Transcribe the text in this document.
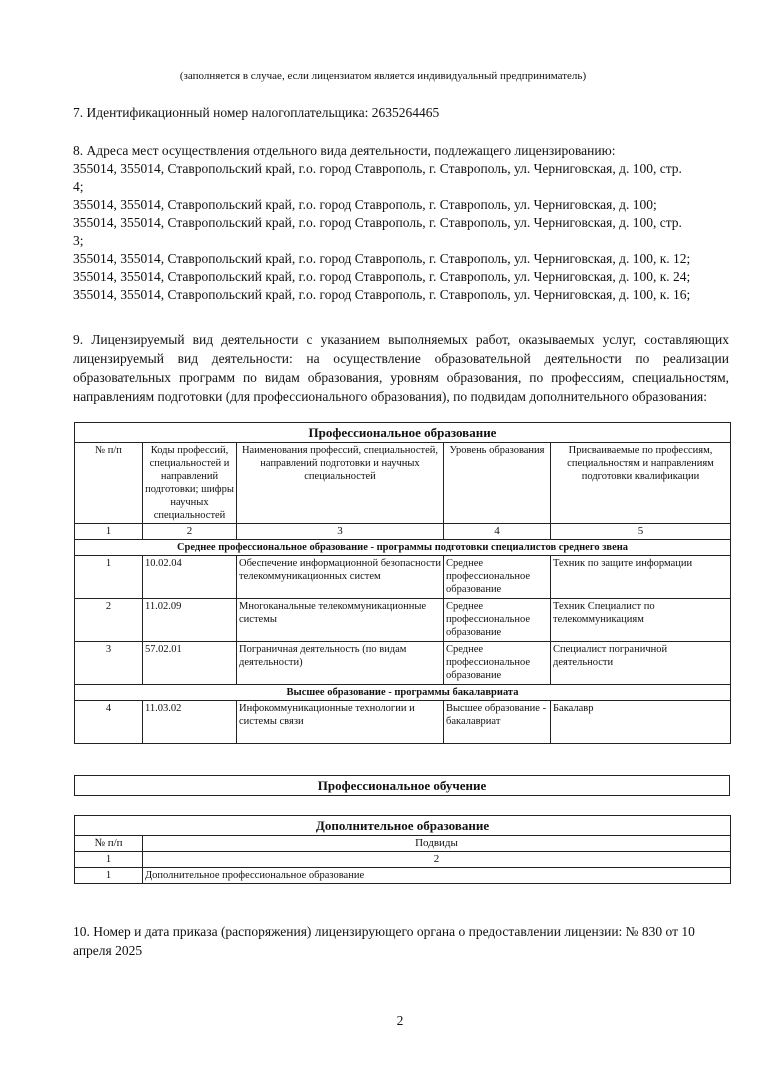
(заполняется в случае, если лицензиатом является индивидуальный предприниматель)
7. Идентификационный номер налогоплательщика: 2635264465
8. Адреса мест осуществления отдельного вида деятельности, подлежащего лицензированию:
355014, 355014, Ставропольский край, г.о. город Ставрополь, г. Ставрополь, ул. Черниговская, д. 100, стр.
4;
355014, 355014, Ставропольский край, г.о. город Ставрополь, г. Ставрополь, ул. Черниговская, д. 100;
355014, 355014, Ставропольский край, г.о. город Ставрополь, г. Ставрополь, ул. Черниговская, д. 100, стр.
3;
355014, 355014, Ставропольский край, г.о. город Ставрополь, г. Ставрополь, ул. Черниговская, д. 100, к. 12;
355014, 355014, Ставропольский край, г.о. город Ставрополь, г. Ставрополь, ул. Черниговская, д. 100, к. 24;
355014, 355014, Ставропольский край, г.о. город Ставрополь, г. Ставрополь, ул. Черниговская, д. 100, к. 16;
9. Лицензируемый вид деятельности с указанием выполняемых работ, оказываемых услуг, составляющих лицензируемый вид деятельности: на осуществление образовательной деятельности по реализации образовательных программ по видам образования, уровням образования, по профессиям, специальностям, направлениям подготовки (для профессионального образования), по подвидам дополнительного образования:
Профессиональное образование				
№ п/п	Коды профессий, специальностей и направлений подготовки; шифры научных специальностей	Наименования профессий, специальностей, направлений подготовки и научных специальностей	Уровень образования	Присваиваемые по профессиям, специальностям и направлениям подготовки квалификации
1	2	3	4	5
Среднее профессиональное образование - программы подготовки специалистов среднего звена				
1	10.02.04	Обеспечение информационной безопасности телекоммуникационных систем	Среднее профессиональное образование	Техник по защите информации
2	11.02.09	Многоканальные телекоммуникационные системы	Среднее профессиональное образование	Техник Специалист по телекоммуникациям
3	57.02.01	Пограничная деятельность (по видам деятельности)	Среднее профессиональное образование	Специалист пограничной деятельности
Высшее образование - программы бакалавриата				
4	11.03.02	Инфокоммуникационные технологии и системы связи	Высшее образование - бакалавриат	Бакалавр
Профессиональное обучение
Дополнительное образование	
№ п/п	Подвиды
1	2
1	Дополнительное профессиональное образование
10. Номер и дата приказа (распоряжения) лицензирующего органа о предоставлении лицензии: № 830 от 10 апреля 2025
2
